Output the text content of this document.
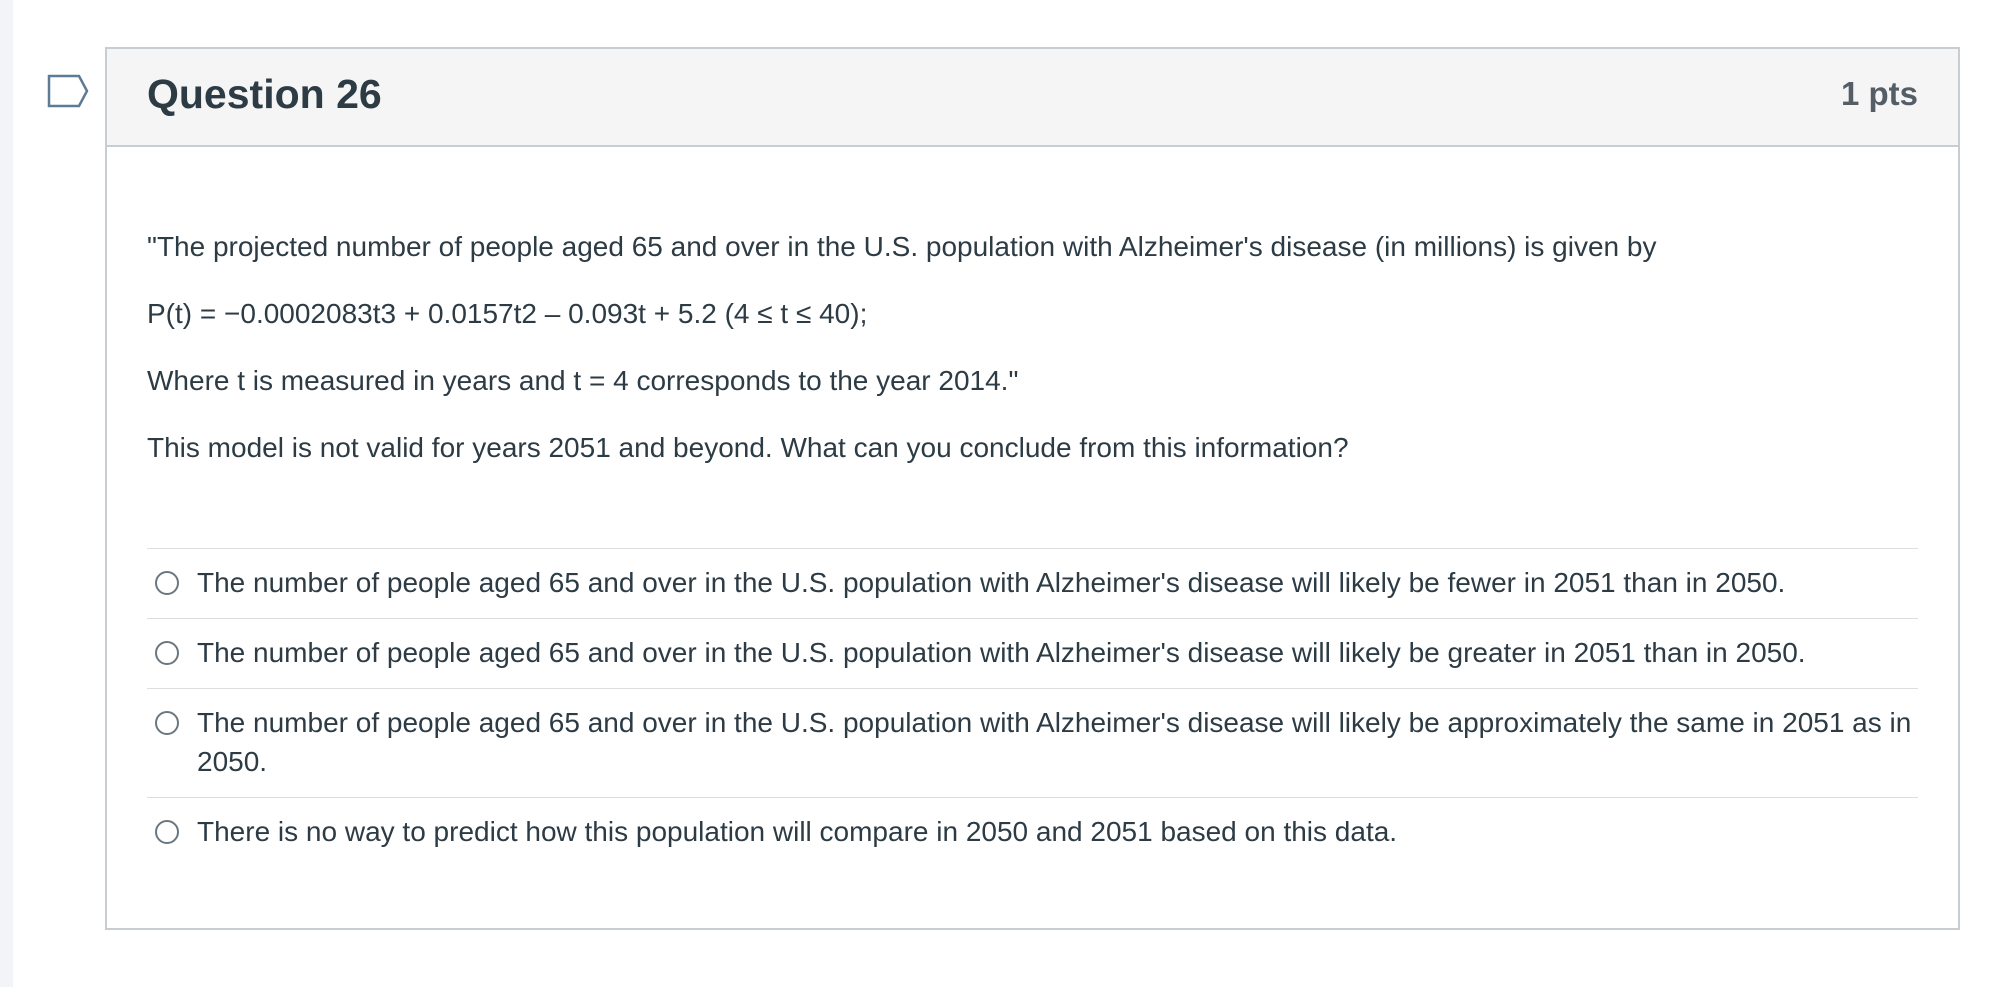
Question 26	1 pts

"The projected number of people aged 65 and over in the U.S. population with Alzheimer's disease (in millions) is given by

P(t) = −0.0002083t3 + 0.0157t2 – 0.093t + 5.2 (4 ≤ t ≤ 40);

Where t is measured in years and t = 4 corresponds to the year 2014."

This model is not valid for years 2051 and beyond. What can you conclude from this information?

The number of people aged 65 and over in the U.S. population with Alzheimer's disease will likely be fewer in 2051 than in 2050.
The number of people aged 65 and over in the U.S. population with Alzheimer's disease will likely be greater in 2051 than in 2050.
The number of people aged 65 and over in the U.S. population with Alzheimer's disease will likely be approximately the same in 2051 as in 2050.
There is no way to predict how this population will compare in 2050 and 2051 based on this data.
